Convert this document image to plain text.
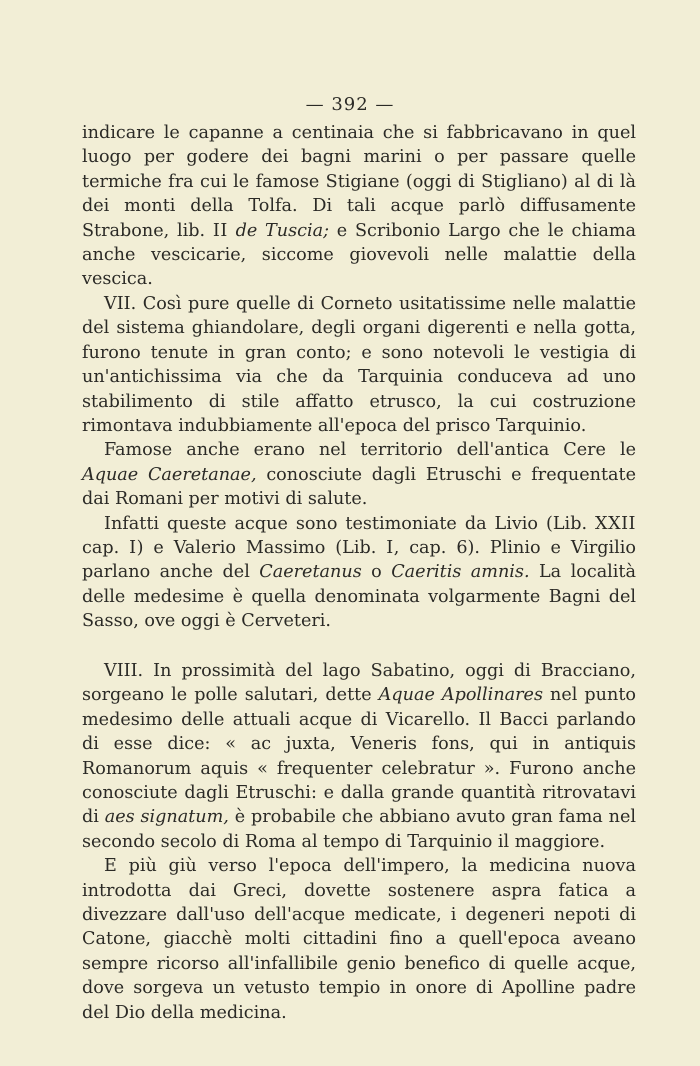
— 392 —

indicare le capanne a centinaia che si fabbricavano in quel luogo per godere dei bagni marini o per passare quelle termiche fra cui le famose Stigiane (oggi di Stigliano) al di là dei monti della Tolfa. Di tali acque parlò diffusamente Strabone, lib. II de Tuscia; e Scribonio Largo che le chiama anche vescicarie, siccome giovevoli nelle malattie della vescica.

VII. Così pure quelle di Corneto usitatissime nelle malattie del sistema ghiandolare, degli organi digerenti e nella gotta, furono tenute in gran conto; e sono notevoli le vestigia di un'antichissima via che da Tarquinia conduceva ad uno stabilimento di stile affatto etrusco, la cui costruzione rimontava indubbiamente all'epoca del prisco Tarquinio.

Famose anche erano nel territorio dell'antica Cere le Aquae Caeretanae, conosciute dagli Etruschi e frequentate dai Romani per motivi di salute.

Infatti queste acque sono testimoniate da Livio (Lib. XXII cap. I) e Valerio Massimo (Lib. I, cap. 6). Plinio e Virgilio parlano anche del Caeretanus o Caeritis amnis. La località delle medesime è quella denominata volgarmente Bagni del Sasso, ove oggi è Cerveteri.

VIII. In prossimità del lago Sabatino, oggi di Bracciano, sorgeano le polle salutari, dette Aquae Apollinares nel punto medesimo delle attuali acque di Vicarello. Il Bacci parlando di esse dice: « ac juxta, Veneris fons, qui in antiquis Romanorum aquis « frequenter celebratur ». Furono anche conosciute dagli Etruschi: e dalla grande quantità ritrovatavi di aes signatum, è probabile che abbiano avuto gran fama nel secondo secolo di Roma al tempo di Tarquinio il maggiore.

E più giù verso l'epoca dell'impero, la medicina nuova introdotta dai Greci, dovette sostenere aspra fatica a divezzare dall'uso dell'acque medicate, i degeneri nepoti di Catone, giacchè molti cittadini fino a quell'epoca aveano sempre ricorso all'infallibile genio benefico di quelle acque, dove sorgeva un vetusto tempio in onore di Apolline padre del Dio della medicina.
